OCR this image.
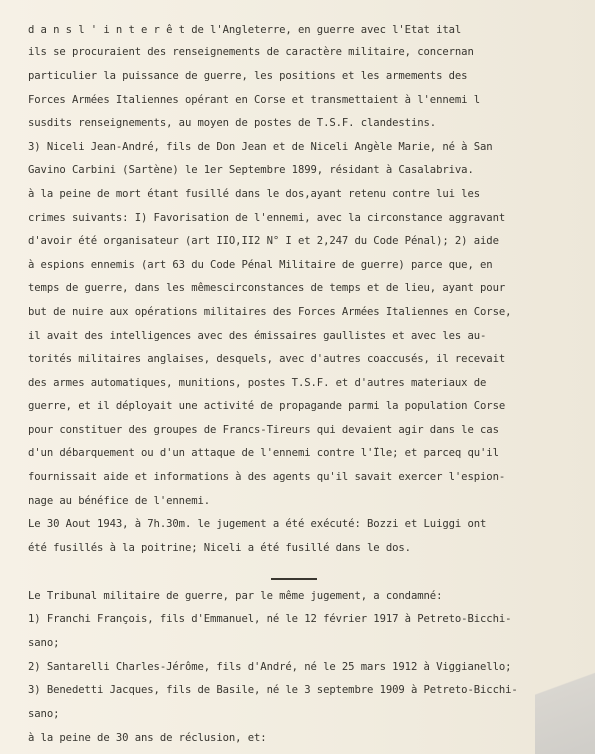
d a n s l ' i n t e r ê t de l'Angleterre, en guerre avec l'Etat ital
ils se procuraient des renseignements de caractère militaire, concernan
particulier la puissance de guerre, les positions et les armements des
Forces Armées Italiennes opérant en Corse et transmettaient à l'ennemi l
susdits renseignements, au moyen de postes de T.S.F. clandestins.
3) Niceli Jean-André, fils de Don Jean et de Niceli Angèle Marie, né à San
Gavino Carbini (Sartène) le 1er Septembre 1899, résidant à Casalabriva.
à la peine de mort étant fusillé dans le dos,ayant retenu contre lui les
crimes suivants: I) Favorisation de l'ennemi, avec la circonstance aggravant
d'avoir été organisateur (art IIO,II2 N° I et 2,247 du Code Pénal); 2) aide
à espions ennemis (art 63 du Code Pénal Militaire de guerre) parce que, en
temps de guerre, dans les mêmescirconstances de temps et de lieu, ayant pour
but de nuire aux opérations militaires des Forces Armées Italiennes en Corse,
il avait des intelligences avec des émissaires gaullistes et avec les au-
torités militaires anglaises, desquels, avec d'autres coaccusés, il recevait
des armes automatiques, munitions, postes T.S.F. et d'autres materiaux de
guerre, et il déployait une activité de propagande parmi la population Corse
pour constituer des groupes de Francs-Tireurs qui devaient agir dans le cas
d'un débarquement ou d'un attaque de l'ennemi contre l'Île; et parceq qu'il
fournissait aide et informations à des agents qu'il savait exercer l'espion-
nage au bénéfice de l'ennemi.
Le 30 Aout 1943, à 7h.30m. le jugement a été exécuté: Bozzi et Luiggi ont
été fusillés à la poitrine; Niceli a été fusillé dans le dos.
Le Tribunal militaire de guerre, par le même jugement, a condamné:
1) Franchi François, fils d'Emmanuel, né le 12 février 1917 à Petreto-Bicchi-
sano;
2) Santarelli Charles-Jérôme, fils d'André, né le 25 mars 1912 à Viggianello;
3) Benedetti Jacques, fils de Basile, né le 3 septembre 1909 à Petreto-Bicchi-
sano;
à la peine de 30 ans de réclusion, et:
